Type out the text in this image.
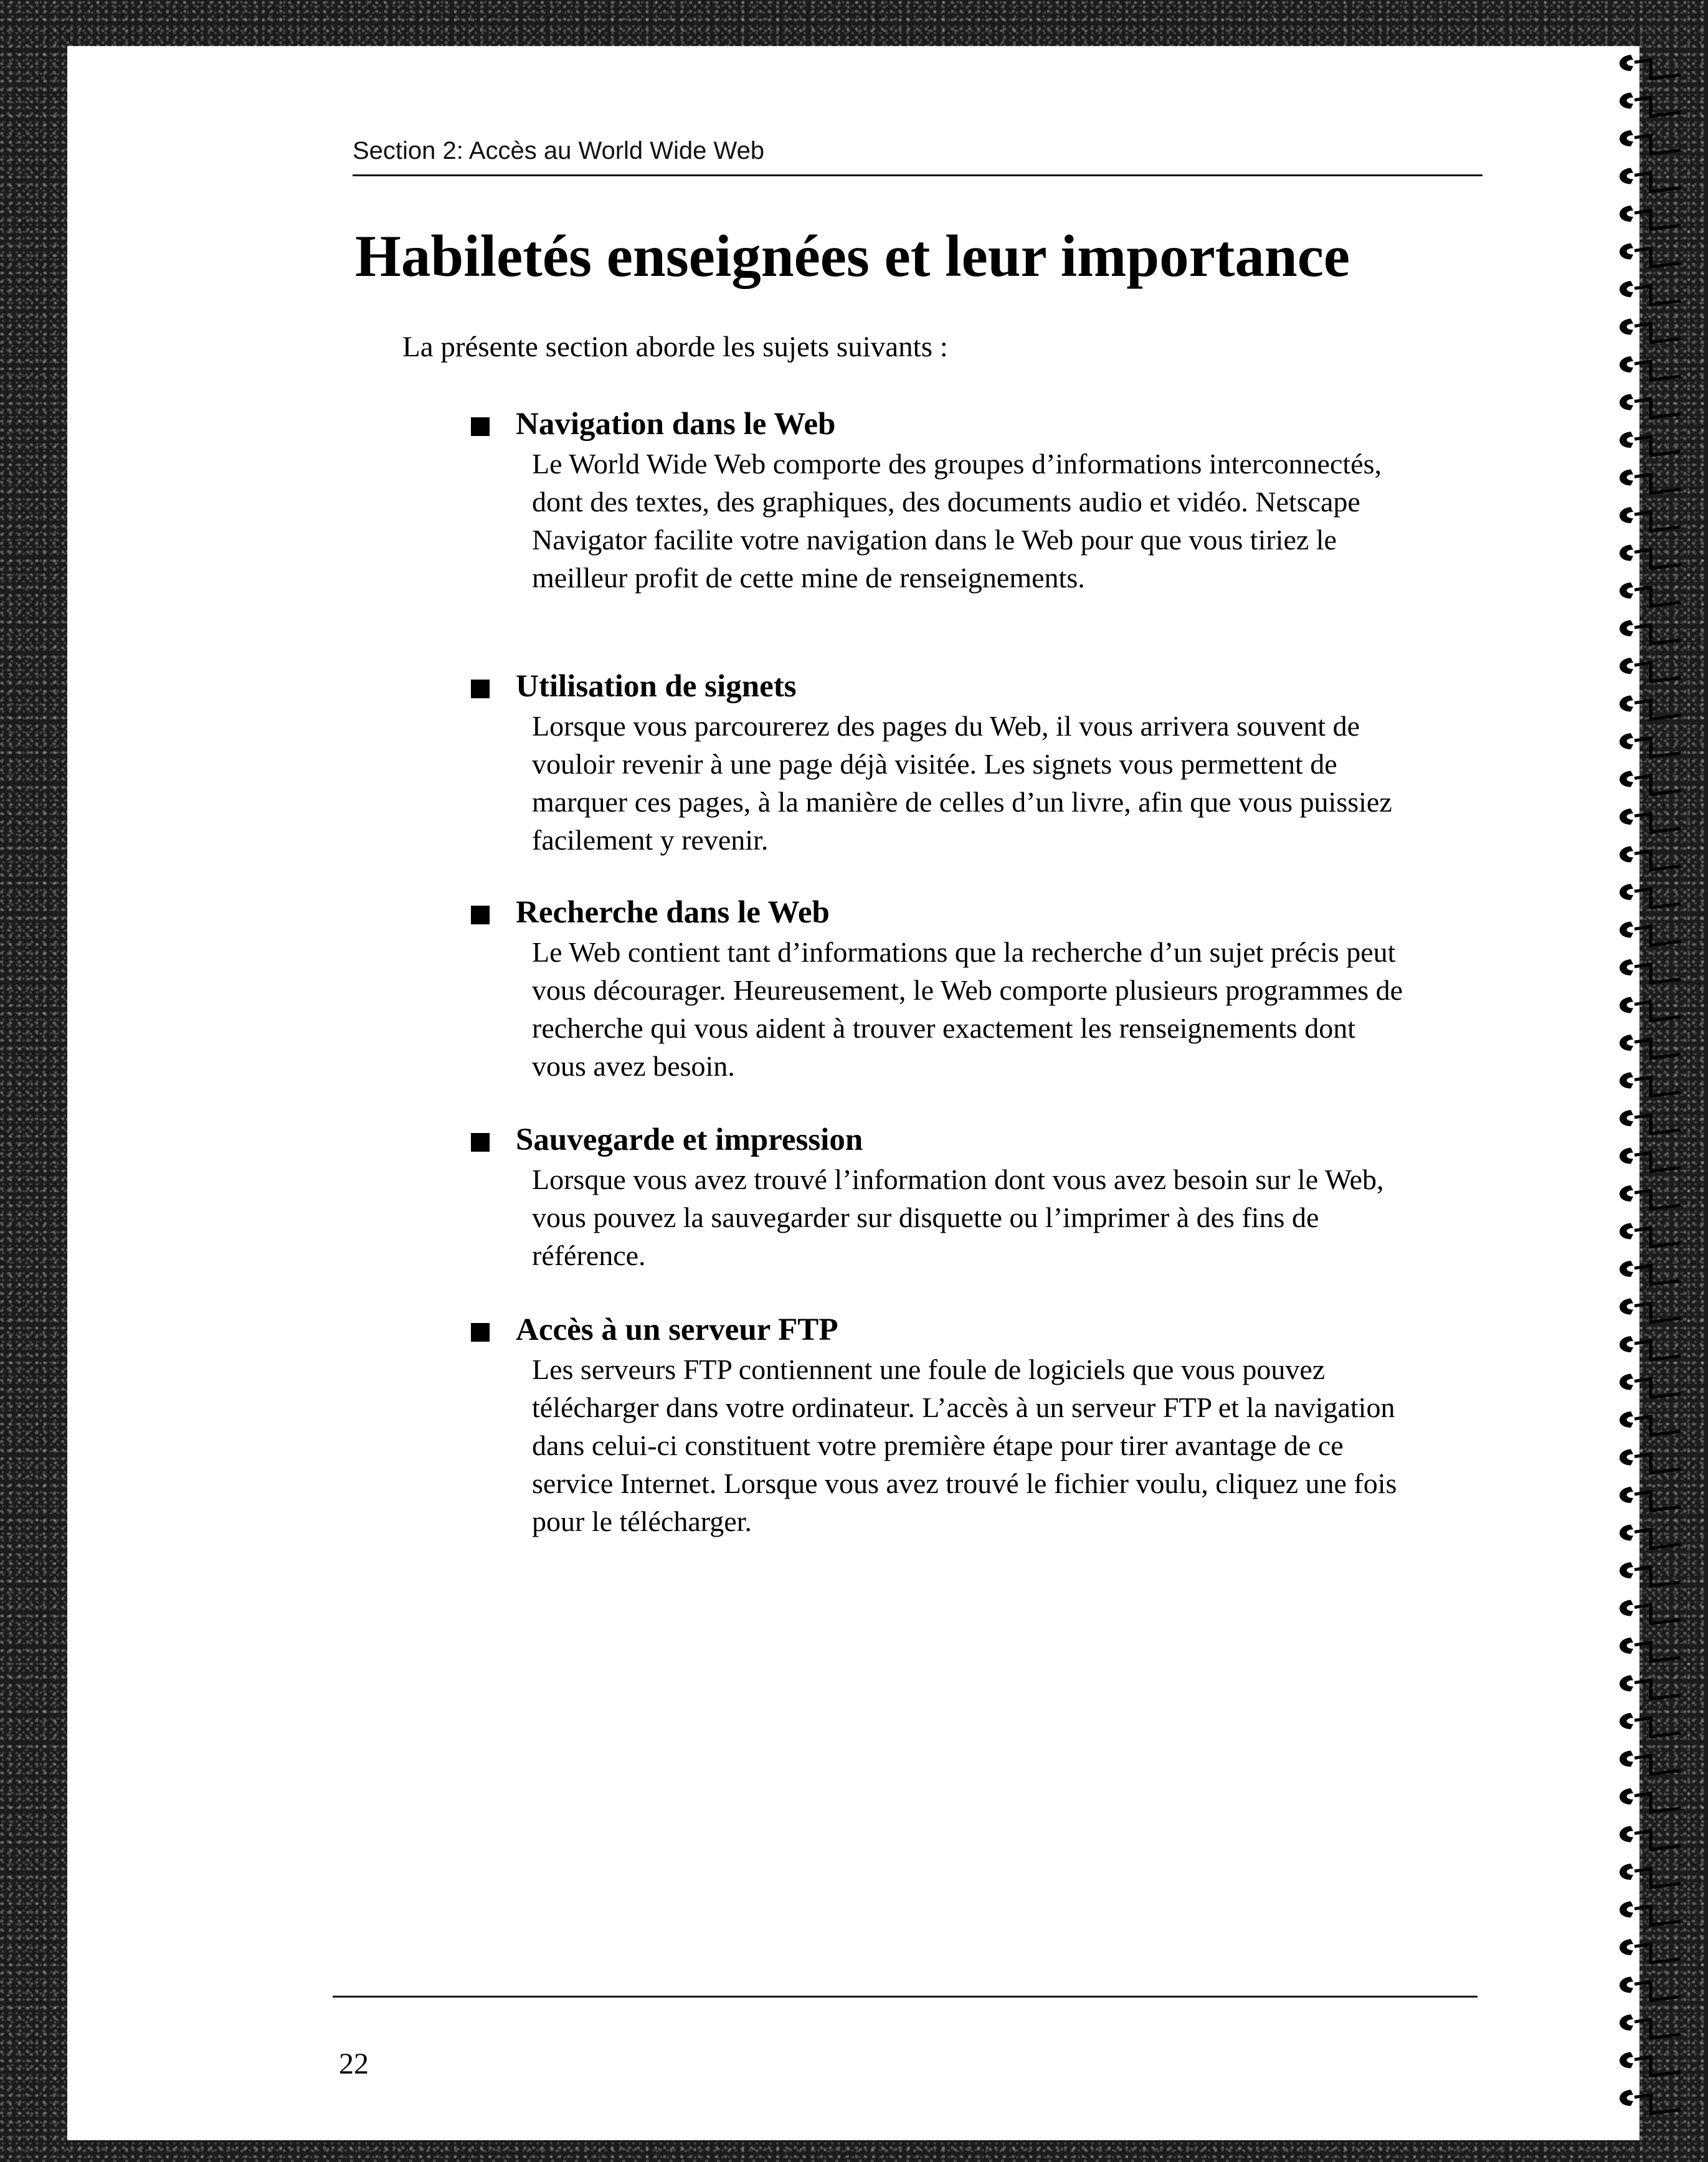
Section 2: Accès au World Wide Web
Habiletés enseignées et leur importance
La présente section aborde les sujets suivants :
Navigation dans le Web

Le World Wide Web comporte des groupes d’informations interconnectés, dont des textes, des graphiques, des documents audio et vidéo. Netscape Navigator facilite votre navigation dans le Web pour que vous tiriez le meilleur profit de cette mine de renseignements.

Utilisation de signets

Lorsque vous parcourerez des pages du Web, il vous arrivera souvent de vouloir revenir à une page déjà visitée. Les signets vous permettent de marquer ces pages, à la manière de celles d’un livre, afin que vous puissiez facilement y revenir.

Recherche dans le Web

Le Web contient tant d’informations que la recherche d’un sujet précis peut vous décourager. Heureusement, le Web comporte plusieurs programmes de recherche qui vous aident à trouver exactement les renseignements dont vous avez besoin.

Sauvegarde et impression

Lorsque vous avez trouvé l’information dont vous avez besoin sur le Web, vous pouvez la sauvegarder sur disquette ou l’imprimer à des fins de référence.

Accès à un serveur FTP

Les serveurs FTP contiennent une foule de logiciels que vous pouvez télécharger dans votre ordinateur. L’accès à un serveur FTP et la navigation dans celui-ci constituent votre première étape pour tirer avantage de ce service Internet. Lorsque vous avez trouvé le fichier voulu, cliquez une fois pour le télécharger.

22
